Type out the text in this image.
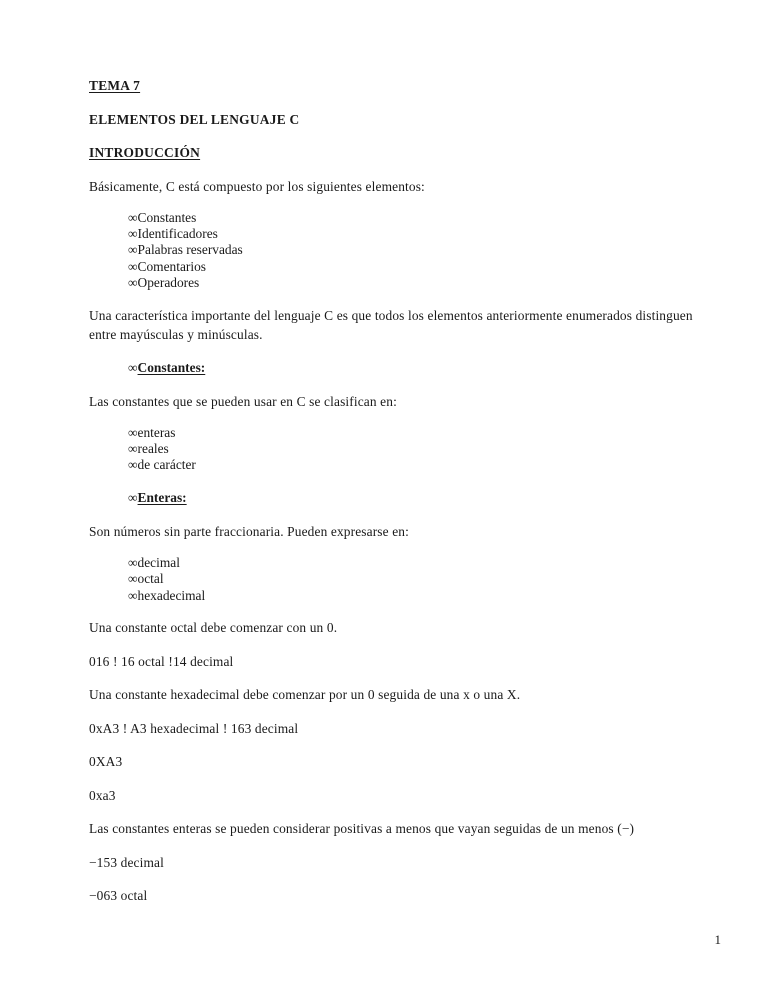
TEMA 7
ELEMENTOS DEL LENGUAJE C
INTRODUCCIÓN

Básicamente, C está compuesto por los siguientes elementos:

∞Constantes
∞Identificadores
∞Palabras reservadas
∞Comentarios
∞Operadores

Una característica importante del lenguaje C es que todos los elementos anteriormente enumerados distinguen entre mayúsculas y minúsculas.

∞Constantes:

Las constantes que se pueden usar en C se clasifican en:

∞enteras
∞reales
∞de carácter
∞Enteras:

Son números sin parte fraccionaria. Pueden expresarse en:

∞decimal
∞octal
∞hexadecimal

Una constante octal debe comenzar con un 0.

016 ! 16 octal !14 decimal

Una constante hexadecimal debe comenzar por un 0 seguida de una x o una X.

0xA3 ! A3 hexadecimal ! 163 decimal

0XA3

0xa3

Las constantes enteras se pueden considerar positivas a menos que vayan seguidas de un menos (−)

−153 decimal

−063 octal

1
